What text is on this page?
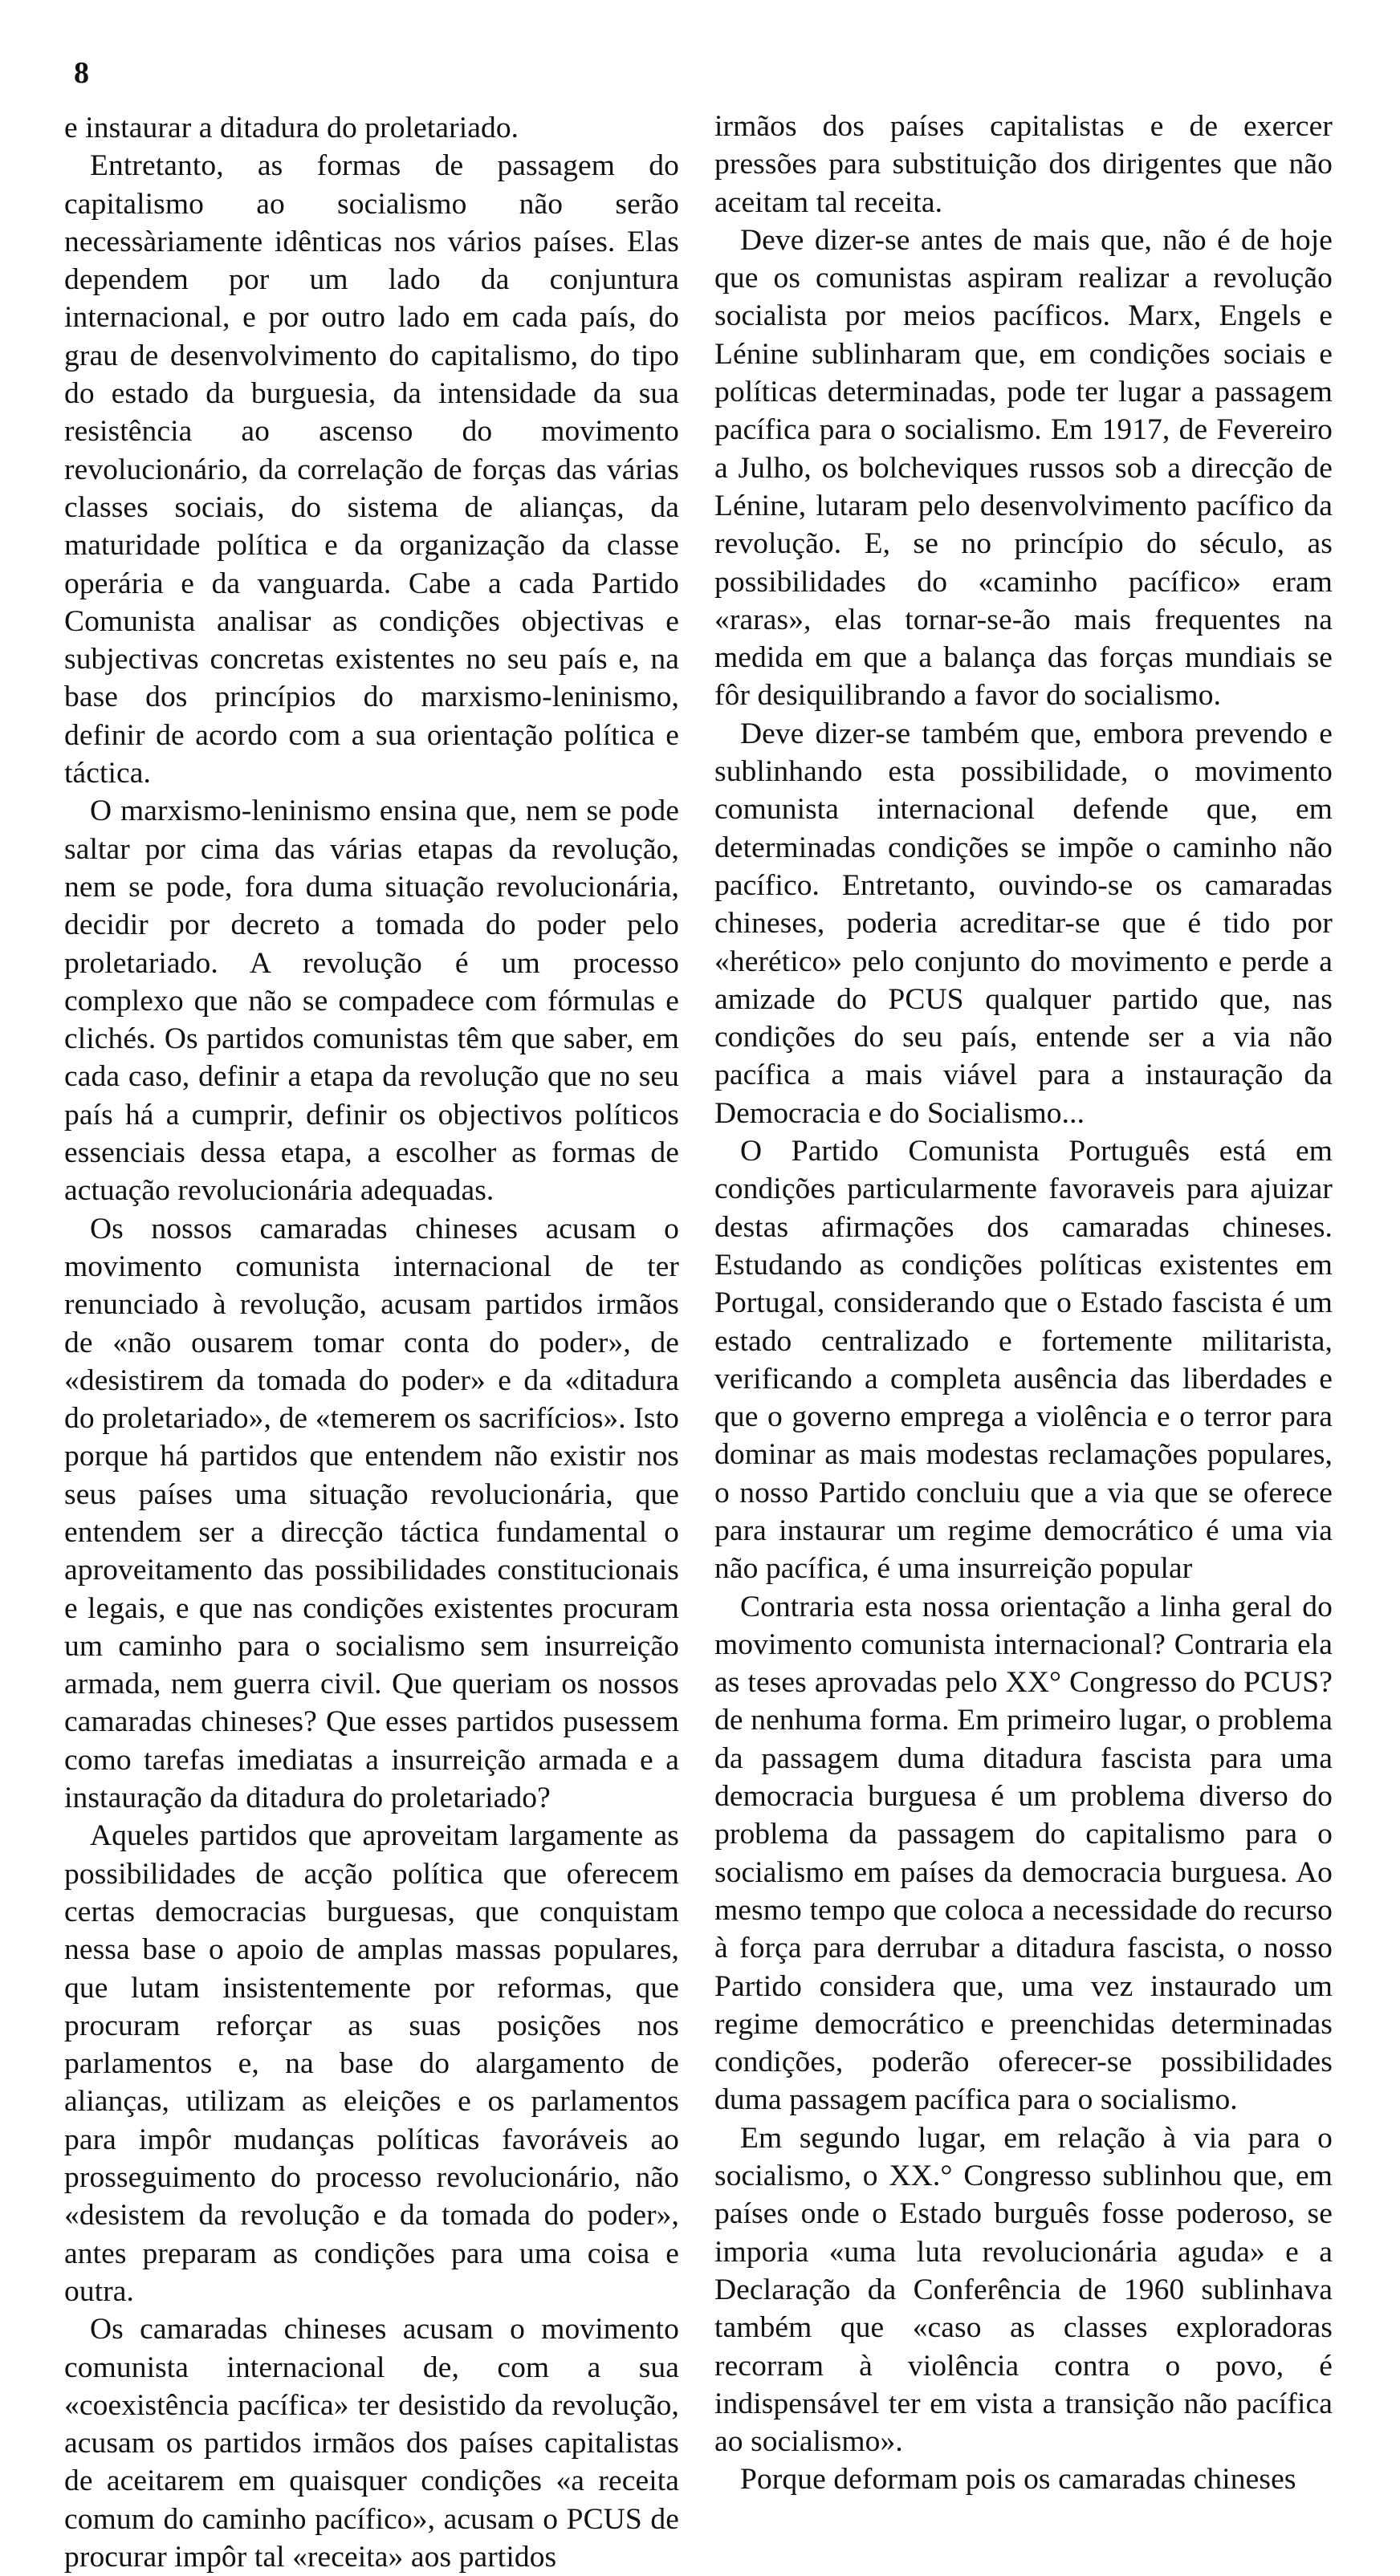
8

e instaurar a ditadura do proletariado.

Entretanto, as formas de passagem do capitalismo ao socialismo não serão necessàriamente idênticas nos vários países. Elas dependem por um lado da conjuntura internacional, e por outro lado em cada país, do grau de desenvolvimento do capitalismo, do tipo do estado da burguesia, da intensidade da sua resistência ao ascenso do movimento revolucionário, da correlação de forças das várias classes sociais, do sistema de alianças, da maturidade política e da organização da classe operária e da vanguarda. Cabe a cada Partido Comunista analisar as condições objectivas e subjectivas concretas existentes no seu país e, na base dos princípios do marxismo-leninismo, definir de acordo com a sua orientação política e táctica.

O marxismo-leninismo ensina que, nem se pode saltar por cima das várias etapas da revolução, nem se pode, fora duma situação revolucionária, decidir por decreto a tomada do poder pelo proletariado. A revolução é um processo complexo que não se compadece com fórmulas e clichés. Os partidos comunistas têm que saber, em cada caso, definir a etapa da revolução que no seu país há a cumprir, definir os objectivos políticos essenciais dessa etapa, a escolher as formas de actuação revolucionária adequadas.

Os nossos camaradas chineses acusam o movimento comunista internacional de ter renunciado à revolução, acusam partidos irmãos de «não ousarem tomar conta do poder», de «desistirem da tomada do poder» e da «ditadura do proletariado», de «temerem os sacrifícios». Isto porque há partidos que entendem não existir nos seus países uma situação revolucionária, que entendem ser a direcção táctica fundamental o aproveitamento das possibilidades constitucionais e legais, e que nas condições existentes procuram um caminho para o socialismo sem insurreição armada, nem guerra civil. Que queriam os nossos camaradas chineses? Que esses partidos pusessem como tarefas imediatas a insurreição armada e a instauração da ditadura do proletariado?

Aqueles partidos que aproveitam largamente as possibilidades de acção política que oferecem certas democracias burguesas, que conquistam nessa base o apoio de amplas massas populares, que lutam insistentemente por reformas, que procuram reforçar as suas posições nos parlamentos e, na base do alargamento de alianças, utilizam as eleições e os parlamentos para impôr mudanças políticas favoráveis ao prosseguimento do processo revolucionário, não «desistem da revolução e da tomada do poder», antes preparam as condições para uma coisa e outra.

Os camaradas chineses acusam o movimento comunista internacional de, com a sua «coexistência pacífica» ter desistido da revolução, acusam os partidos irmãos dos países capitalistas de aceitarem em quaisquer condições «a receita comum do caminho pacífico», acusam o PCUS de procurar impôr tal «receita» aos partidos

irmãos dos países capitalistas e de exercer pressões para substituição dos dirigentes que não aceitam tal receita.

Deve dizer-se antes de mais que, não é de hoje que os comunistas aspiram realizar a revolução socialista por meios pacíficos. Marx, Engels e Lénine sublinharam que, em condições sociais e políticas determinadas, pode ter lugar a passagem pacífica para o socialismo. Em 1917, de Fevereiro a Julho, os bolcheviques russos sob a direcção de Lénine, lutaram pelo desenvolvimento pacífico da revolução. E, se no princípio do século, as possibilidades do «caminho pacífico» eram «raras», elas tornar-se-ão mais frequentes na medida em que a balança das forças mundiais se fôr desiquilibrando a favor do socialismo.

Deve dizer-se também que, embora prevendo e sublinhando esta possibilidade, o movimento comunista internacional defende que, em determinadas condições se impõe o caminho não pacífico. Entretanto, ouvindo-se os camaradas chineses, poderia acreditar-se que é tido por «herético» pelo conjunto do movimento e perde a amizade do PCUS qualquer partido que, nas condições do seu país, entende ser a via não pacífica a mais viável para a instauração da Democracia e do Socialismo...

O Partido Comunista Português está em condições particularmente favoraveis para ajuizar destas afirmações dos camaradas chineses. Estudando as condições políticas existentes em Portugal, considerando que o Estado fascista é um estado centralizado e fortemente militarista, verificando a completa ausência das liberdades e que o governo emprega a violência e o terror para dominar as mais modestas reclamações populares, o nosso Partido concluiu que a via que se oferece para instaurar um regime democrático é uma via não pacífica, é uma insurreição popular

Contraria esta nossa orientação a linha geral do movimento comunista internacional? Contraria ela as teses aprovadas pelo XX° Congresso do PCUS? de nenhuma forma. Em primeiro lugar, o problema da passagem duma ditadura fascista para uma democracia burguesa é um problema diverso do problema da passagem do capitalismo para o socialismo em países da democracia burguesa. Ao mesmo tempo que coloca a necessidade do recurso à força para derrubar a ditadura fascista, o nosso Partido considera que, uma vez instaurado um regime democrático e preenchidas determinadas condições, poderão oferecer-se possibilidades duma passagem pacífica para o socialismo.

Em segundo lugar, em relação à via para o socialismo, o XX.° Congresso sublinhou que, em países onde o Estado burguês fosse poderoso, se imporia «uma luta revolucionária aguda» e a Declaração da Conferência de 1960 sublinhava também que «caso as classes exploradoras recorram à violência contra o povo, é indispensável ter em vista a transição não pacífica ao socialismo».

Porque deformam pois os camaradas chineses
